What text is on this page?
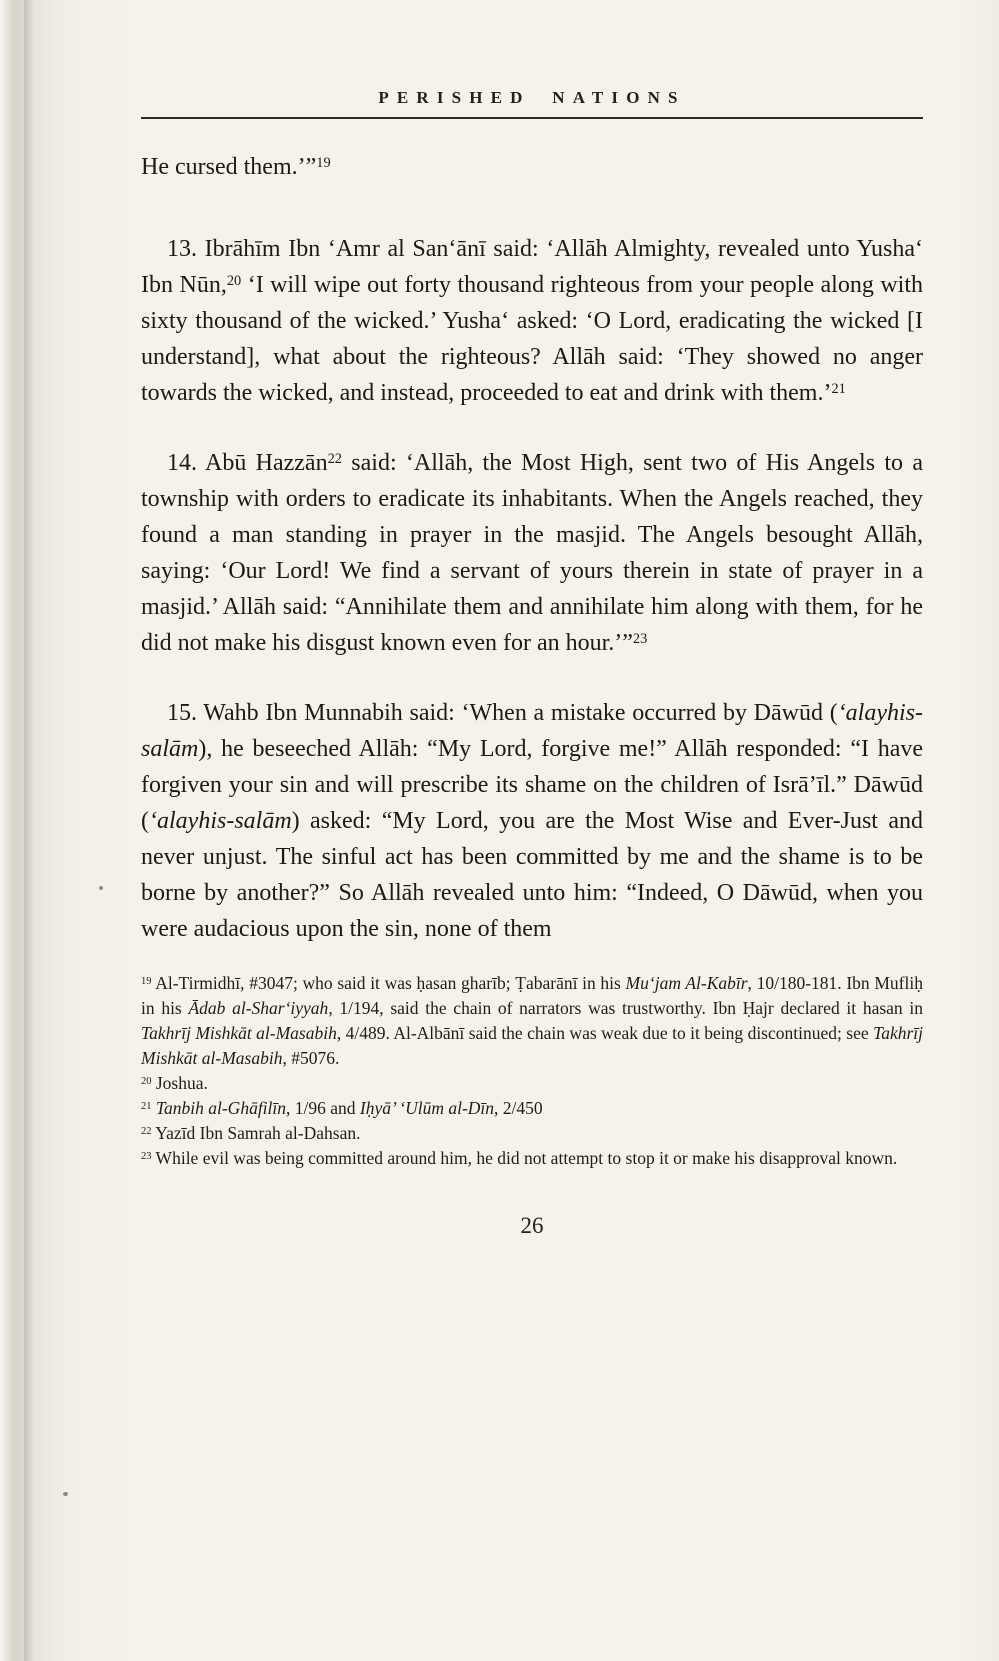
PERISHED NATIONS

He cursed them.’”$^{19}$

13. Ibrāhīm Ibn ‘Amr al San‘ānī said: ‘Allāh Almighty, revealed unto Yusha‘ Ibn Nūn,$^{20}$ ‘I will wipe out forty thousand righteous from your people along with sixty thousand of the wicked.’ Yusha‘ asked: ‘O Lord, eradicating the wicked [I understand], what about the righteous? Allāh said: ‘They showed no anger towards the wicked, and instead, proceeded to eat and drink with them.’$^{21}$

14. Abū Hazzān$^{22}$ said: ‘Allāh, the Most High, sent two of His Angels to a township with orders to eradicate its inhabitants. When the Angels reached, they found a man standing in prayer in the masjid. The Angels besought Allāh, saying: ‘Our Lord! We find a servant of yours therein in state of prayer in a masjid.’ Allāh said: “Annihilate them and annihilate him along with them, for he did not make his disgust known even for an hour.’”$^{23}$

15. Wahb Ibn Munnabih said: ‘When a mistake occurred by Dāwūd (‘alayhis-salām), he beseeched Allāh: “My Lord, forgive me!” Allāh responded: “I have forgiven your sin and will prescribe its shame on the children of Isrā’īl.” Dāwūd (‘alayhis-salām) asked: “My Lord, you are the Most Wise and Ever-Just and never unjust. The sinful act has been committed by me and the shame is to be borne by another?” So Allāh revealed unto him: “Indeed, O Dāwūd, when you were audacious upon the sin, none of them

$^{19}$ Al-Tirmidhī, #3047; who said it was ḥasan gharīb; Ṭabarānī in his Mu‘jam Al-Kabīr, 10/180-181. Ibn Mufliḥ in his Ādab al-Shar‘iyyah, 1/194, said the chain of narrators was trustworthy. Ibn Ḥajr declared it hasan in Takhrīj Mishkāt al-Masabih, 4/489. Al-Albānī said the chain was weak due to it being discontinued; see Takhrīj Mishkāt al-Masabih, #5076.

$^{20}$ Joshua.

$^{21}$ Tanbih al-Ghāfilīn, 1/96 and Iḥyā’ ‘Ulūm al-Dīn, 2/450

$^{22}$ Yazīd Ibn Samrah al-Dahsan.

$^{23}$ While evil was being committed around him, he did not attempt to stop it or make his disapproval known.

26
